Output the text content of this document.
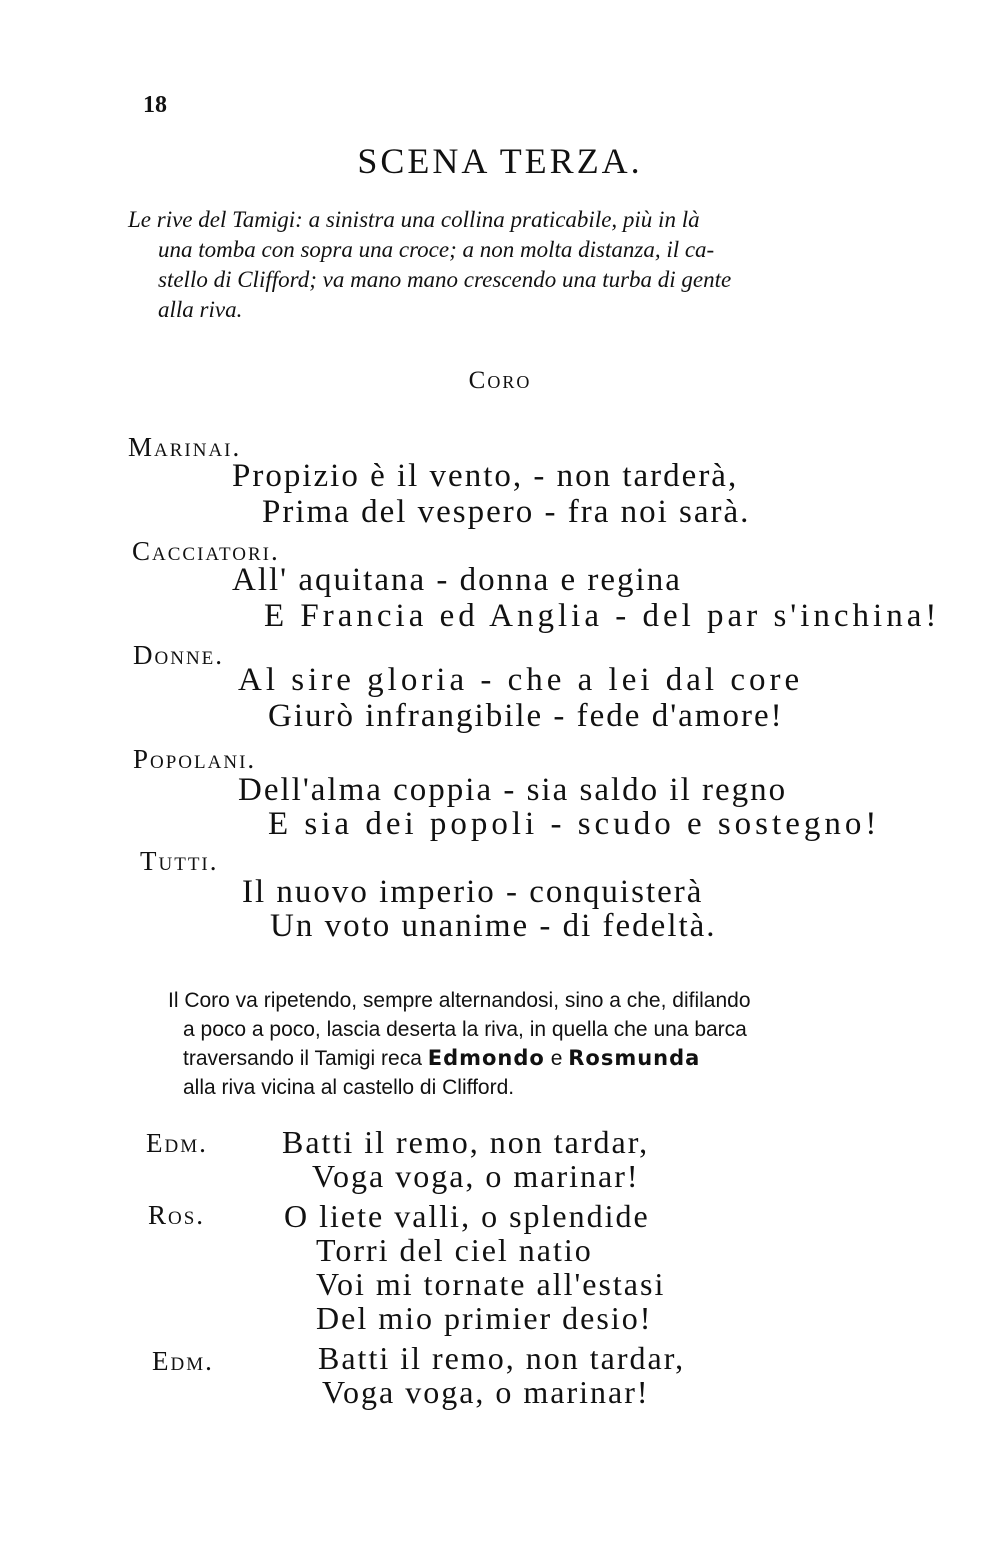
18
SCENA TERZA.
Le rive del Tamigi: a sinistra una collina praticabile, più in là
una tomba con sopra una croce; a non molta distanza, il ca-
stello di Clifford; va mano mano crescendo una turba di gente
alla riva.
Coro
Marinai.
Propizio è il vento, - non tarderà,
Prima del vespero - fra noi sarà.
Cacciatori.
All' aquitana - donna e regina
E Francia ed Anglia - del par s'inchina!
Donne.
Al sire gloria - che a lei dal core
Giurò infrangibile - fede d'amore!
Popolani.
Dell'alma coppia - sia saldo il regno
E sia dei popoli - scudo e sostegno!
Tutti.
Il nuovo imperio - conquisterà
Un voto unanime - di fedeltà.
Il Coro va ripetendo, sempre alternandosi, sino a che, difilando
a poco a poco, lascia deserta la riva, in quella che una barca
traversando il Tamigi reca Edmondo e Rosmunda
alla riva vicina al castello di Clifford.
Edm. Batti il remo, non tardar,
Voga voga, o marinar!
Ros. O liete valli, o splendide
Torri del ciel natio
Voi mi tornate all'estasi
Del mio primier desio!
Edm.	Batti il remo, non tardar,
Voga voga, o marinar!
